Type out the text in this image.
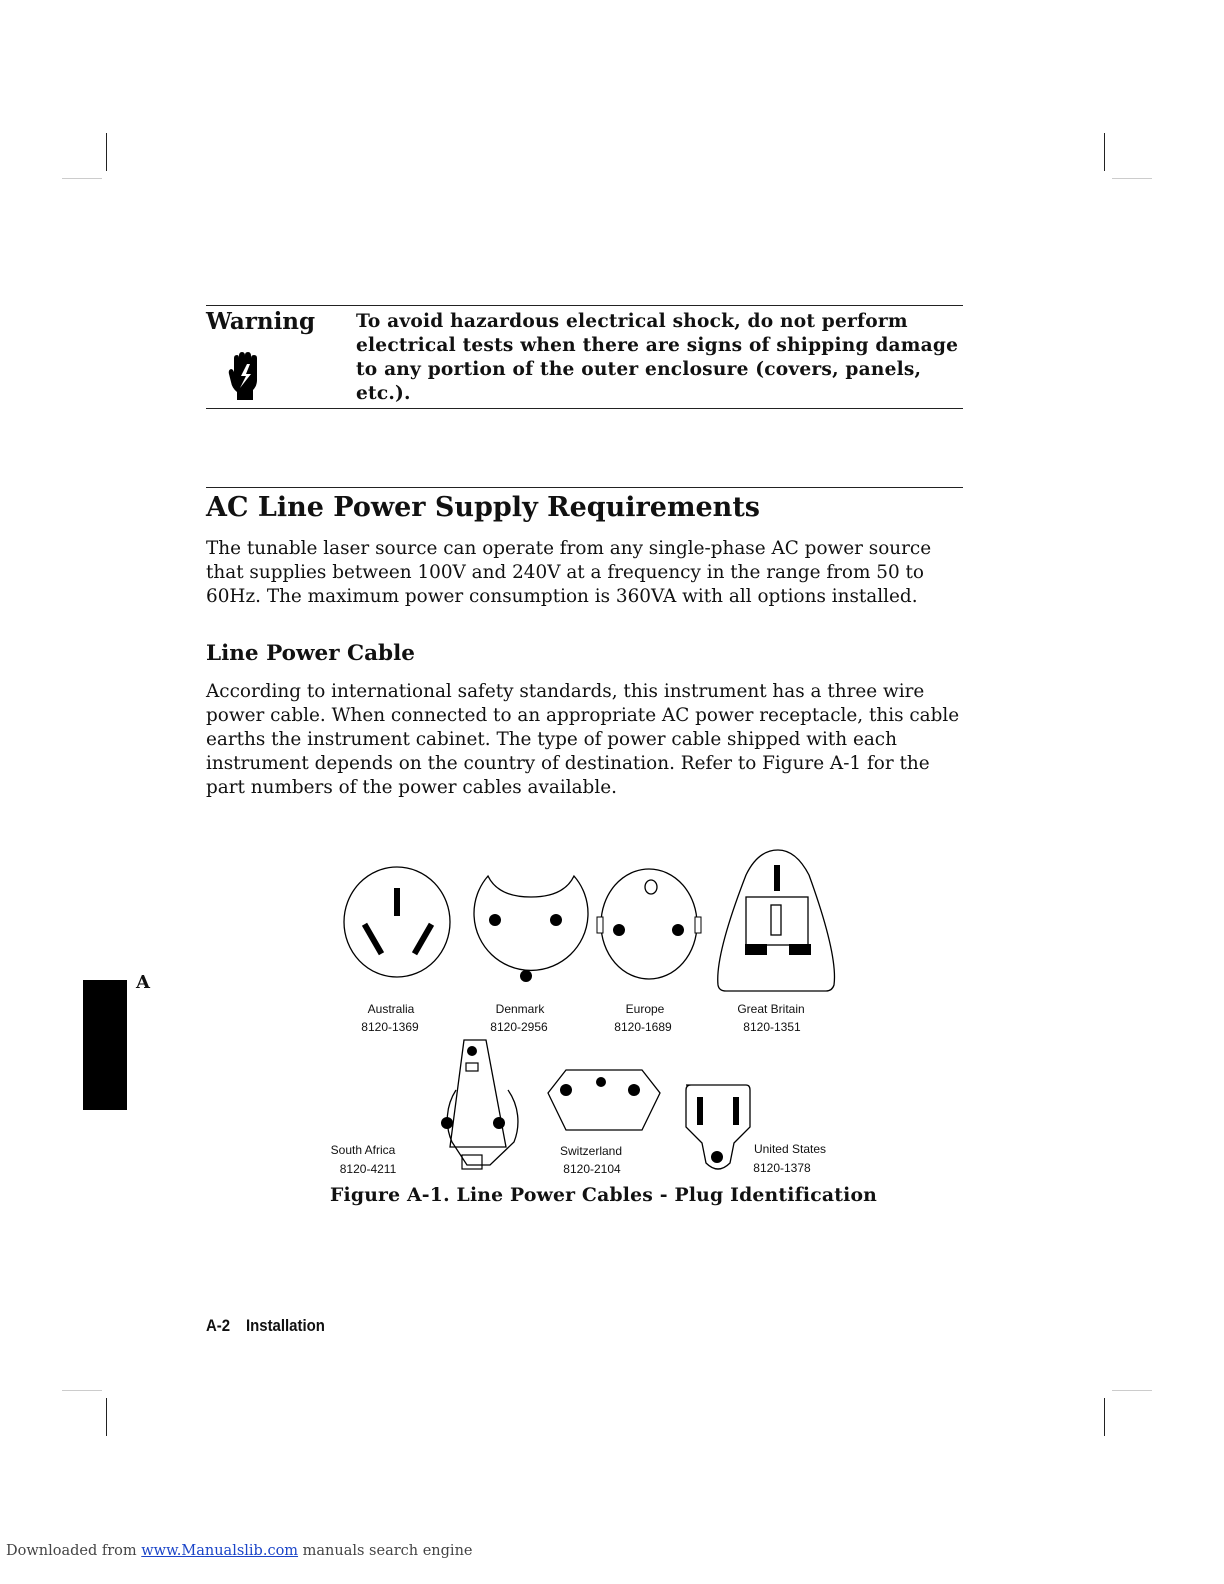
Warning To avoid hazardous electrical shock, do not perform electrical tests when there are signs of shipping damage to any portion of the outer enclosure (covers, panels, etc.).
AC Line Power Supply Requirements

The tunable laser source can operate from any single-phase AC power source that supplies between 100V and 240V at a frequency in the range from 50 to 60Hz. The maximum power consumption is 360VA with all options installed.

Line Power Cable

According to international safety standards, this instrument has a three wire power cable. When connected to an appropriate AC power receptacle, this cable earths the instrument cabinet. The type of power cable shipped with each instrument depends on the country of destination. Refer to Figure A-1 for the part numbers of the power cables available.

A
Australia
8120-1369
Denmark
8120-2956
Europe
8120-1689
Great Britain
8120-1351
South Africa
8120-4211
Switzerland
8120-2104
United States
8120-1378
Figure A-1. Line Power Cables - Plug Identification
A-2 Installation
Downloaded from www.Manualslib.com manuals search engine
